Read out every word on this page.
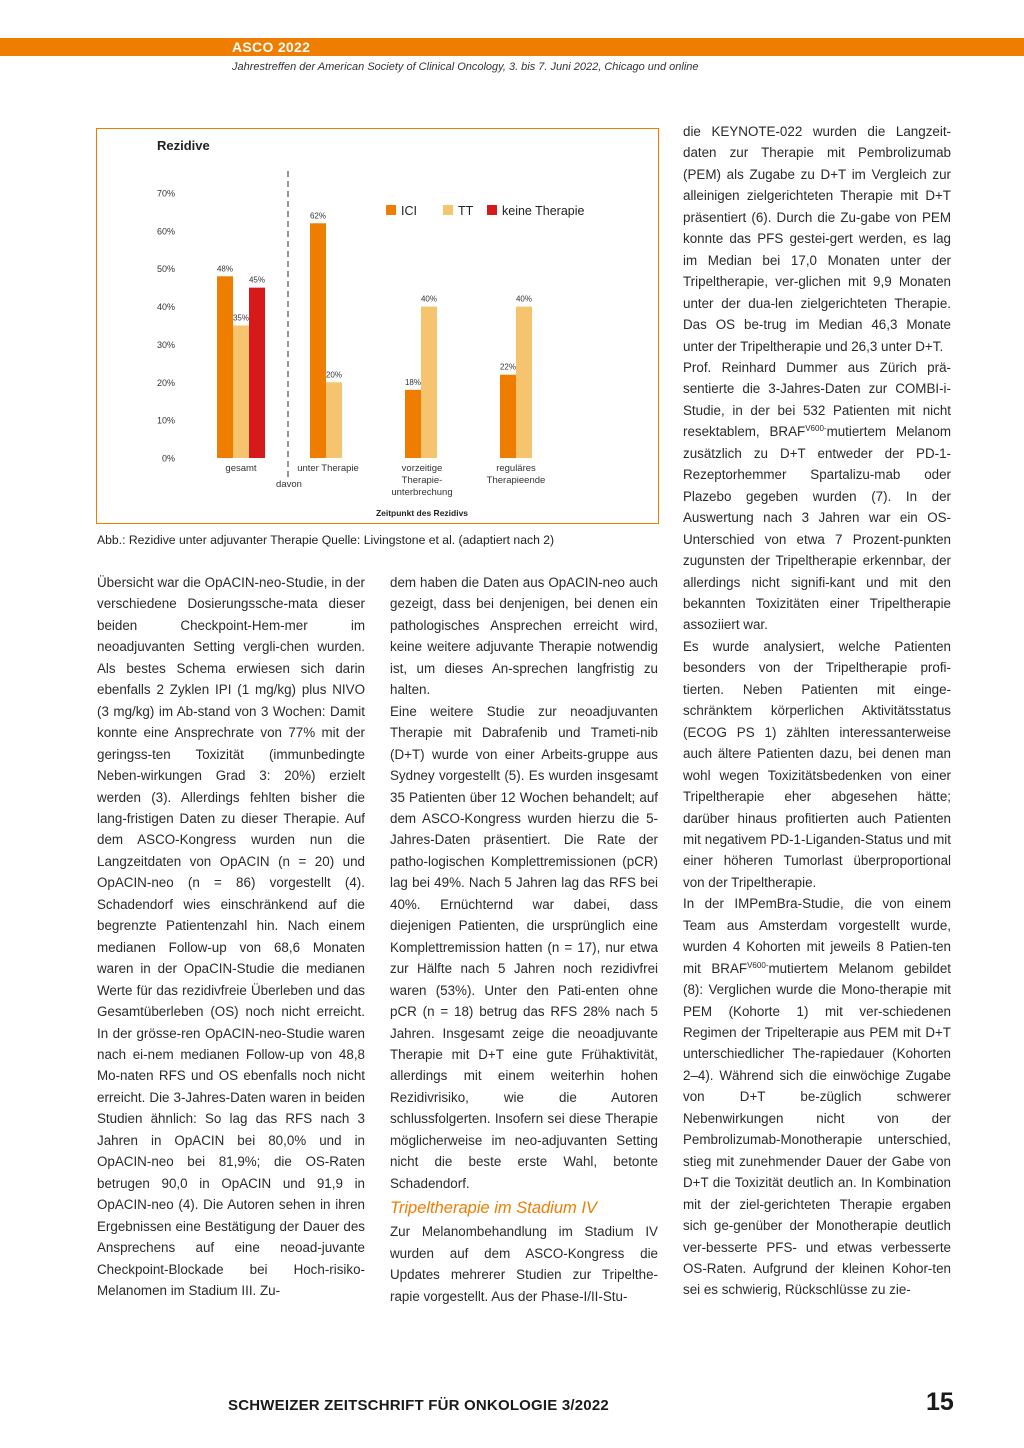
ASCO 2022
Jahrestreffen der American Society of Clinical Oncology, 3. bis 7. Juni 2022, Chicago und online
Rezidive
0%
10%
20%
30%
40%
50%
60%
70%
48%
62%
18%
22%
35%
20%
40%	40%
45%
gesamt	unter Therapie	vorzeitige
Therapie-
unterbrechung
reguläres
Therapieende
davon
Zeitpunkt des Rezidivs
ICI	TT keine Therapie
Abb.: Rezidive unter adjuvanter Therapie Quelle: Livingstone et al. (adaptiert nach 2)

Übersicht war die OpACIN-neo-Studie, in der verschiedene Dosierungssche-mata dieser beiden Checkpoint-Hem-mer im neoadjuvanten Setting vergli-chen wurden. Als bestes Schema erwiesen sich darin ebenfalls 2 Zyklen IPI (1 mg/kg) plus NIVO (3 mg/kg) im Ab-stand von 3 Wochen: Damit konnte eine Ansprechrate von 77% mit der geringss-ten Toxizität (immunbedingte Neben-wirkungen Grad 3: 20%) erzielt werden (3). Allerdings fehlten bisher die lang-fristigen Daten zu dieser Therapie. Auf dem ASCO-Kongress wurden nun die Langzeitdaten von OpACIN (n = 20) und OpACIN-neo (n = 86) vorgestellt (4). Schadendorf wies einschränkend auf die begrenzte Patientenzahl hin. Nach einem medianen Follow-up von 68,6 Monaten waren in der OpaCIN-Studie die medianen Werte für das rezidivfreie Überleben und das Gesamtüberleben (OS) noch nicht erreicht. In der grösse-ren OpACIN-neo-Studie waren nach ei-nem medianen Follow-up von 48,8 Mo-naten RFS und OS ebenfalls noch nicht erreicht. Die 3-Jahres-Daten waren in beiden Studien ähnlich: So lag das RFS nach 3 Jahren in OpACIN bei 80,0% und in OpACIN-neo bei 81,9%; die OS-Raten betrugen 90,0 in OpACIN und 91,9 in OpACIN-neo (4). Die Autoren sehen in ihren Ergebnissen eine Bestätigung der Dauer des Ansprechens auf eine neoad-juvante Checkpoint-Blockade bei Hoch-risiko-Melanomen im Stadium III. Zu-

dem haben die Daten aus OpACIN-neo auch gezeigt, dass bei denjenigen, bei denen ein pathologisches Ansprechen erreicht wird, keine weitere adjuvante Therapie notwendig ist, um dieses An-sprechen langfristig zu halten.

Eine weitere Studie zur neoadjuvanten Therapie mit Dabrafenib und Trameti-nib (D+T) wurde von einer Arbeits-gruppe aus Sydney vorgestellt (5). Es wurden insgesamt 35 Patienten über 12 Wochen behandelt; auf dem ASCO-Kongress wurden hierzu die 5-Jahres-Daten präsentiert. Die Rate der patho-logischen Komplettremissionen (pCR) lag bei 49%. Nach 5 Jahren lag das RFS bei 40%. Ernüchternd war dabei, dass diejenigen Patienten, die ursprünglich eine Komplettremission hatten (n = 17), nur etwa zur Hälfte nach 5 Jahren noch rezidivfrei waren (53%). Unter den Pati-enten ohne pCR (n = 18) betrug das RFS 28% nach 5 Jahren. Insgesamt zeige die neoadjuvante Therapie mit D+T eine gute Frühaktivität, allerdings mit einem weiterhin hohen Rezidivrisiko, wie die Autoren schlussfolgerten. Insofern sei diese Therapie möglicherweise im neo-adjuvanten Setting nicht die beste erste Wahl, betonte Schadendorf.

Tripeltherapie im Stadium IV

Zur Melanombehandlung im Stadium IV wurden auf dem ASCO-Kongress die Updates mehrerer Studien zur Tripelthe-rapie vorgestellt. Aus der Phase-I/II-Stu-

die KEYNOTE-022 wurden die Langzeit-daten zur Therapie mit Pembrolizumab (PEM) als Zugabe zu D+T im Vergleich zur alleinigen zielgerichteten Therapie mit D+T präsentiert (6). Durch die Zu-gabe von PEM konnte das PFS gestei-gert werden, es lag im Median bei 17,0 Monaten unter der Tripeltherapie, ver-glichen mit 9,9 Monaten unter der dua-len zielgerichteten Therapie. Das OS be-trug im Median 46,3 Monate unter der Tripeltherapie und 26,3 unter D+T.

Prof. Reinhard Dummer aus Zürich prä-sentierte die 3-Jahres-Daten zur COMBI-i-Studie, in der bei 532 Patienten mit nicht resektablem, $BRAF^{V600-}mutiertem$ Melanom zusätzlich zu D+T entweder der PD-1-Rezeptorhemmer Spartalizu-mab oder Plazebo gegeben wurden (7). In der Auswertung nach 3 Jahren war ein OS-Unterschied von etwa 7 Prozent-punkten zugunsten der Tripeltherapie erkennbar, der allerdings nicht signifi-kant und mit den bekannten Toxizitäten einer Tripeltherapie assoziiert war.

Es wurde analysiert, welche Patienten besonders von der Tripeltherapie profi-tierten. Neben Patienten mit einge-schränktem körperlichen Aktivitätsstatus (ECOG PS 1) zählten interessanterweise auch ältere Patienten dazu, bei denen man wohl wegen Toxizitätsbedenken von einer Tripeltherapie eher abgesehen hätte; darüber hinaus profitierten auch Patienten mit negativem PD-1-Liganden-Status und mit einer höheren Tumorlast überproportional von der Tripeltherapie.

In der IMPemBra-Studie, die von einem Team aus Amsterdam vorgestellt wurde, wurden 4 Kohorten mit jeweils 8 Patien-ten mit $BRAF^{V600-}mutiertem$ Melanom gebildet (8): Verglichen wurde die Mono-therapie mit PEM (Kohorte 1) mit ver-schiedenen Regimen der Tripelterapie aus PEM mit D+T unterschiedlicher The-rapiedauer (Kohorten 2–4). Während sich die einwöchige Zugabe von D+T be-züglich schwerer Nebenwirkungen nicht von der Pembrolizumab-Monotherapie unterschied, stieg mit zunehmender Dauer der Gabe von D+T die Toxizität deutlich an. In Kombination mit der ziel-gerichteten Therapie ergaben sich ge-genüber der Monotherapie deutlich ver-besserte PFS- und etwas verbesserte OS-Raten. Aufgrund der kleinen Kohor-ten sei es schwierig, Rückschlüsse zu zie-

SCHWEIZER ZEITSCHRIFT FÜR ONKOLOGIE 3/2022	15
